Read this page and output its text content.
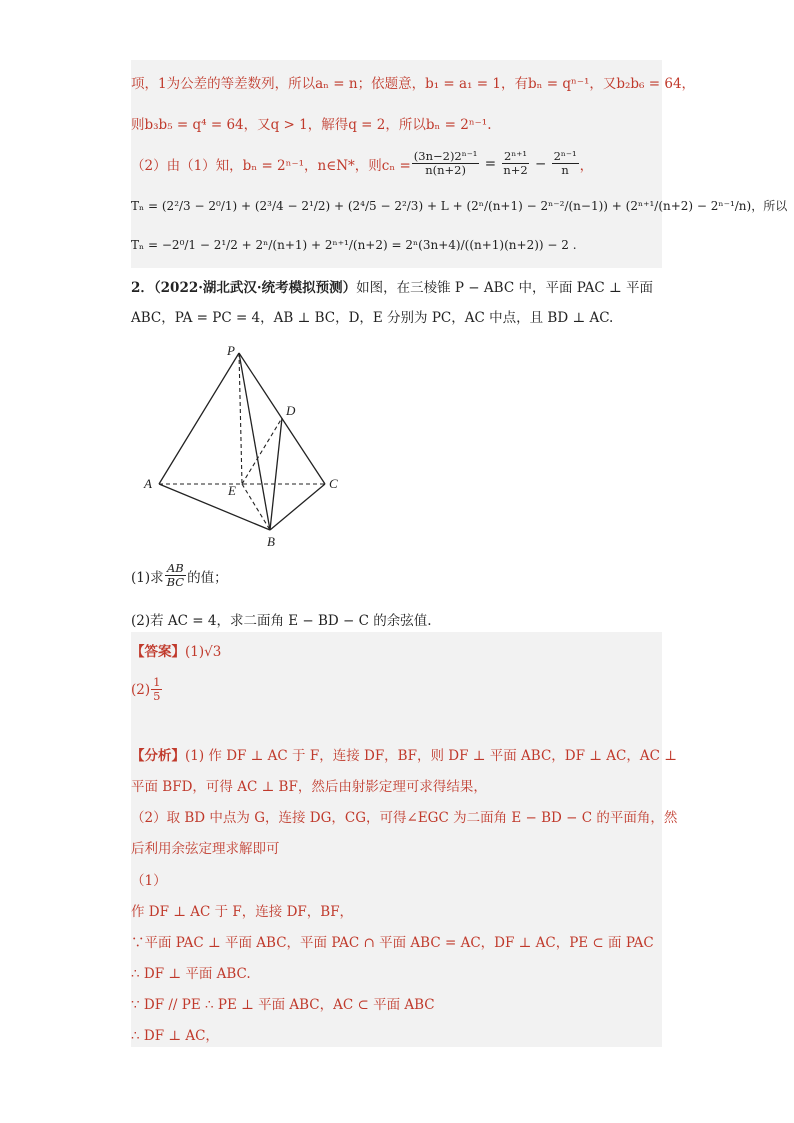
项，1为公差的等差数列，所以aₙ = n；依题意，b₁ = a₁ = 1，有bₙ = qⁿ⁻¹，又b₂b₆ = 64，
则b₃b₅ = q⁴ = 64，又q > 1，解得q = 2，所以bₙ = 2ⁿ⁻¹.
（2）由（1）知，bₙ = 2ⁿ⁻¹，n∈N*，则$c_n = \frac{\text{(3n−2)2ⁿ⁻¹}}{n(n+2)} = \frac{\text{2ⁿ⁺¹}}{n+2} - \frac{\text{2ⁿ⁻¹}}{n}$ ，
Tₙ = (2²/3 − 2⁰/1) + (2³/4 − 2¹/2) + (2⁴/5 − 2²/3) + L + (2ⁿ/(n+1) − 2ⁿ⁻²/(n−1)) + (2ⁿ⁺¹/(n+2) − 2ⁿ⁻¹/n)，所以
Tₙ = −2⁰/1 − 2¹/2 + 2ⁿ/(n+1) + 2ⁿ⁺¹/(n+2) = 2ⁿ(3n+4)/((n+1)(n+2)) − 2 .
2．（2022·湖北武汉·统考模拟预测）如图，在三棱锥 P − ABC 中，平面 PAC ⊥ 平面
ABC，PA = PC = 4，AB ⊥ BC，D，E 分别为 PC，AC 中点，且 BD ⊥ AC.
P
A
B
C
D
E
(1)求 $\frac{AB}{BC}$ 的值；
(2)若 AC = 4，求二面角 E − BD − C 的余弦值.
【答案】(1)√3
$(2) \frac{1}{5}$
【分析】(1) 作 DF ⊥ AC 于 F，连接 DF，BF，则 DF ⊥ 平面 ABC，DF ⊥ AC，AC ⊥
平面 BFD，可得 AC ⊥ BF，然后由射影定理可求得结果，
（2）取 BD 中点为 G，连接 DG，CG，可得∠EGC 为二面角 E − BD − C 的平面角，然
后利用余弦定理求解即可
（1）
作 DF ⊥ AC 于 F，连接 DF，BF，
∵平面 PAC ⊥ 平面 ABC，平面 PAC ∩ 平面 ABC = AC，DF ⊥ AC，PE ⊂ 面 PAC
∴ DF ⊥ 平面 ABC.
∵ DF // PE ∴ PE ⊥ 平面 ABC，AC ⊂ 平面 ABC
∴ DF ⊥ AC，
